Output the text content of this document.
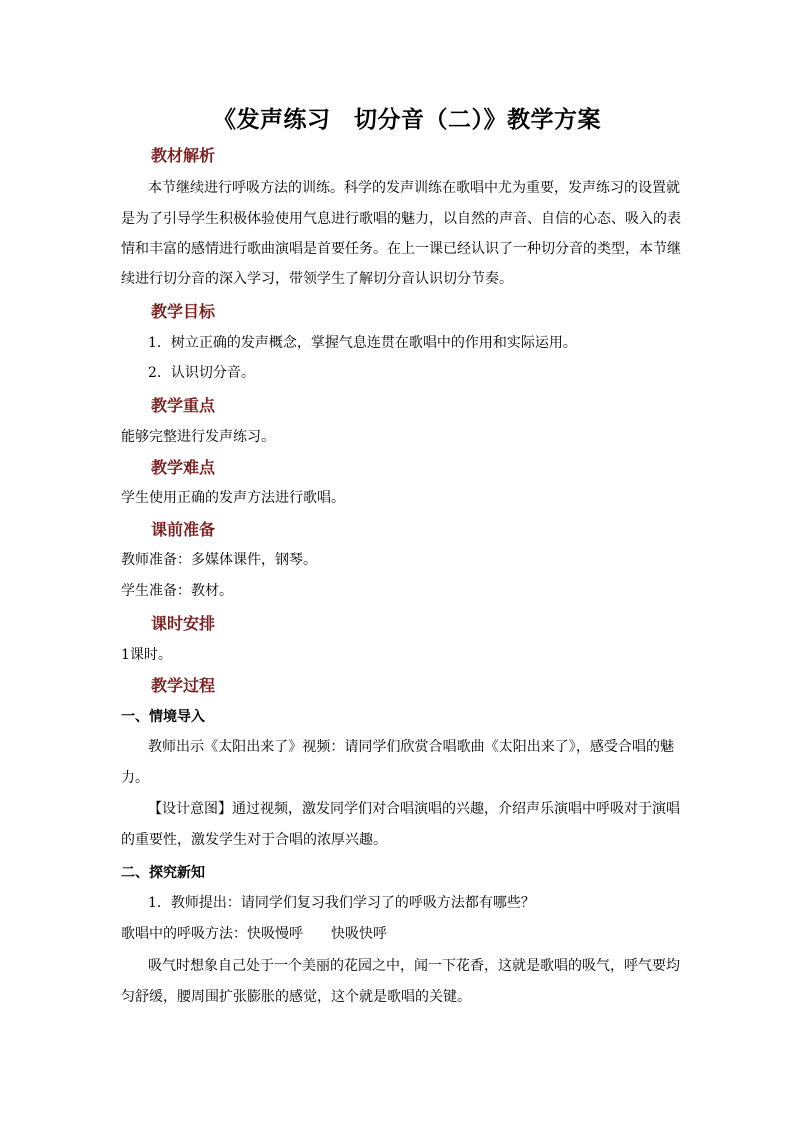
《发声练习　切分音（二）》教学方案
教材解析
本节继续进行呼吸方法的训练。科学的发声训练在歌唱中尤为重要，发声练习的设置就
是为了引导学生积极体验使用气息进行歌唱的魅力，以自然的声音、自信的心态、吸入的表
情和丰富的感情进行歌曲演唱是首要任务。在上一课已经认识了一种切分音的类型，本节继
续进行切分音的深入学习，带领学生了解切分音认识切分节奏。
教学目标
1．树立正确的发声概念，掌握气息连贯在歌唱中的作用和实际运用。
2．认识切分音。
教学重点
能够完整进行发声练习。
教学难点
学生使用正确的发声方法进行歌唱。
课前准备
教师准备：多媒体课件，钢琴。
学生准备：教材。
课时安排
1课时。
教学过程
一、情境导入
教师出示《太阳出来了》视频：请同学们欣赏合唱歌曲《太阳出来了》，感受合唱的魅
力。
【设计意图】通过视频，激发同学们对合唱演唱的兴趣，介绍声乐演唱中呼吸对于演唱
的重要性，激发学生对于合唱的浓厚兴趣。
二、探究新知
1．教师提出：请同学们复习我们学习了的呼吸方法都有哪些？
歌唱中的呼吸方法：快吸慢呼　　快吸快呼
吸气时想象自己处于一个美丽的花园之中，闻一下花香，这就是歌唱的吸气，呼气要均
匀舒缓，腰周围扩张膨胀的感觉，这个就是歌唱的关键。
